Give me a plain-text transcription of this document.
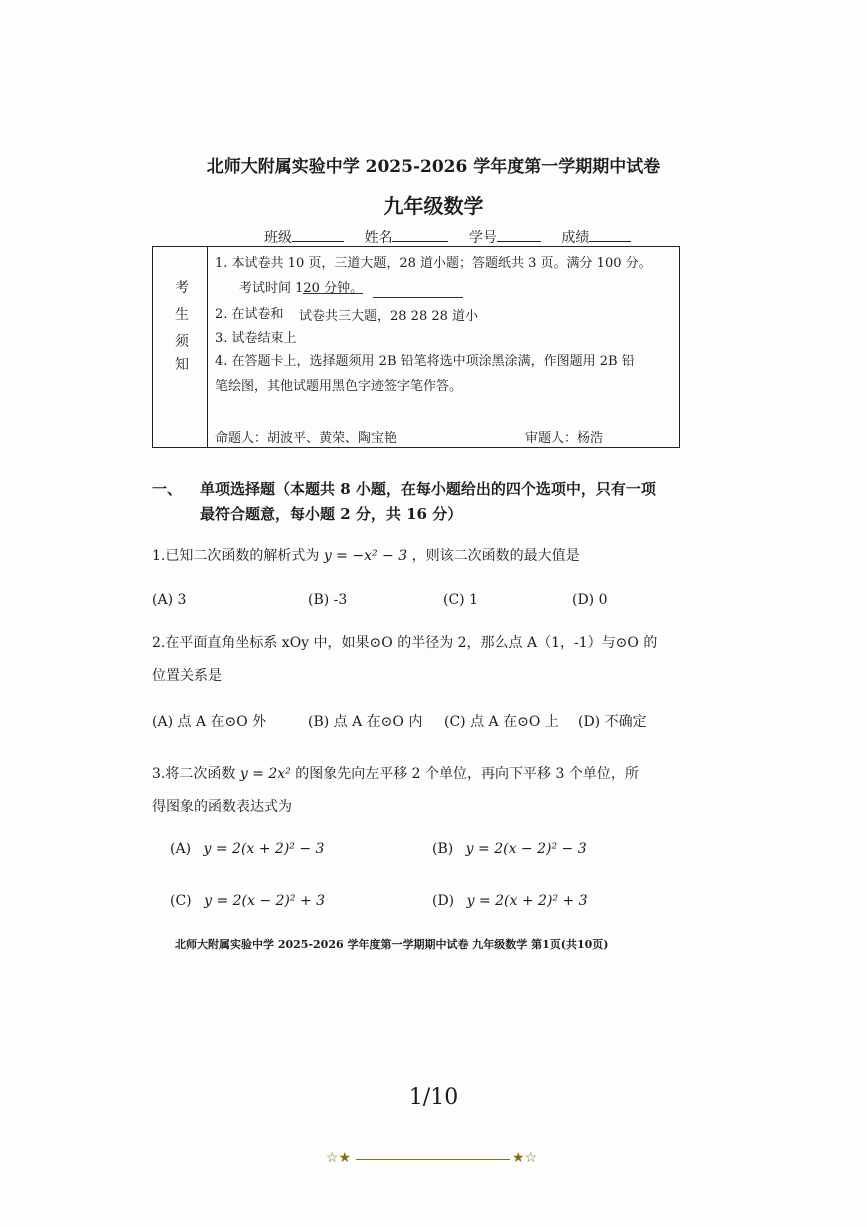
北师大附属实验中学 2025-2026 学年度第一学期期中试卷
九年级数学
班级	姓名	学号	成绩
考
生
须
知
1. 本试卷共 10 页，三道大题，28 道小题；答题纸共 3 页。满分 100 分。
考试时间 120 分钟。
2. 在试卷和 试卷共三大题，28 28 28 道小
3. 试卷结束上
4. 在答题卡上，选择题须用 2B 铅笔将选中项涂黑涂满，作图题用 2B 铅
笔绘图，其他试题用黑色字迹签字笔作答。
命题人：胡波平、黄荣、陶宝艳	审题人：杨浩
一、 单项选择题（本题共 8 小题，在每小题给出的四个选项中，只有一项
最符合题意，每小题 2 分，共 16 分）
1.已知二次函数的解析式为 y = −x² − 3 ，则该二次函数的最大值是
(A) 3	(B) -3	(C) 1	(D) 0
2.在平面直角坐标系 xOy 中，如果⊙O 的半径为 2，那么点 A（1，-1）与⊙O 的
位置关系是
(A) 点 A 在⊙O 外	(B) 点 A 在⊙O 内 (C) 点 A 在⊙O 上 (D) 不确定
3.将二次函数 y = 2x² 的图象先向左平移 2 个单位，再向下平移 3 个单位，所
得图象的函数表达式为
(A) y = 2(x + 2)² − 3	(B) y = 2(x − 2)² − 3
(C) y = 2(x − 2)² + 3	(D) y = 2(x + 2)² + 3
北师大附属实验中学 2025-2026 学年度第一学期期中试卷 九年级数学 第1页(共10页)
1/10
☆★	★☆
